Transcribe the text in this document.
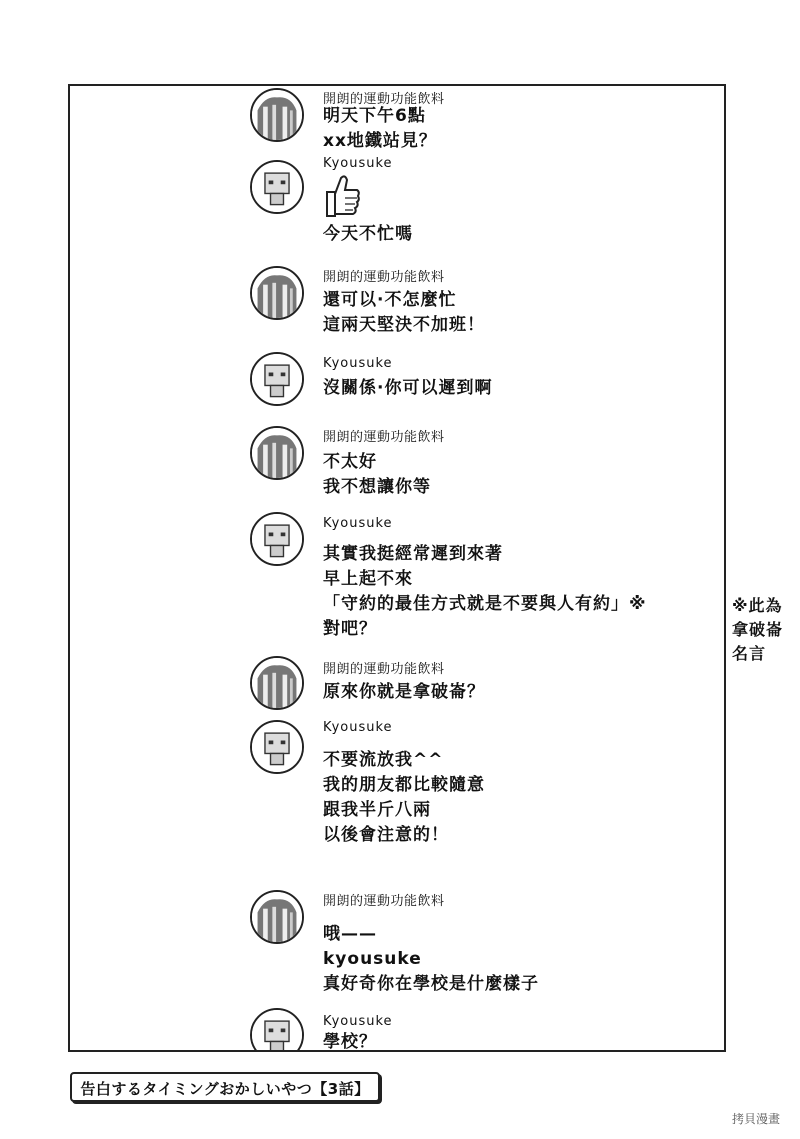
開朗的運動功能飲料
明天下午6點
xx地鐵站見？
Kyousuke
今天不忙嗎
開朗的運動功能飲料
還可以·不怎麼忙
這兩天堅決不加班！
Kyousuke
沒關係·你可以遲到啊
開朗的運動功能飲料
不太好
我不想讓你等
Kyousuke
其實我挺經常遲到來著
早上起不來
「守約的最佳方式就是不要與人有約」※
對吧？
開朗的運動功能飲料
原來你就是拿破崙？
Kyousuke
不要流放我^^
我的朋友都比較隨意
跟我半斤八兩
以後會注意的！
開朗的運動功能飲料
哦——
kyousuke
真好奇你在學校是什麼樣子
Kyousuke
學校？
※此為
拿破崙
名言
告白するタイミングおかしいやつ【3話】
拷貝漫畫
